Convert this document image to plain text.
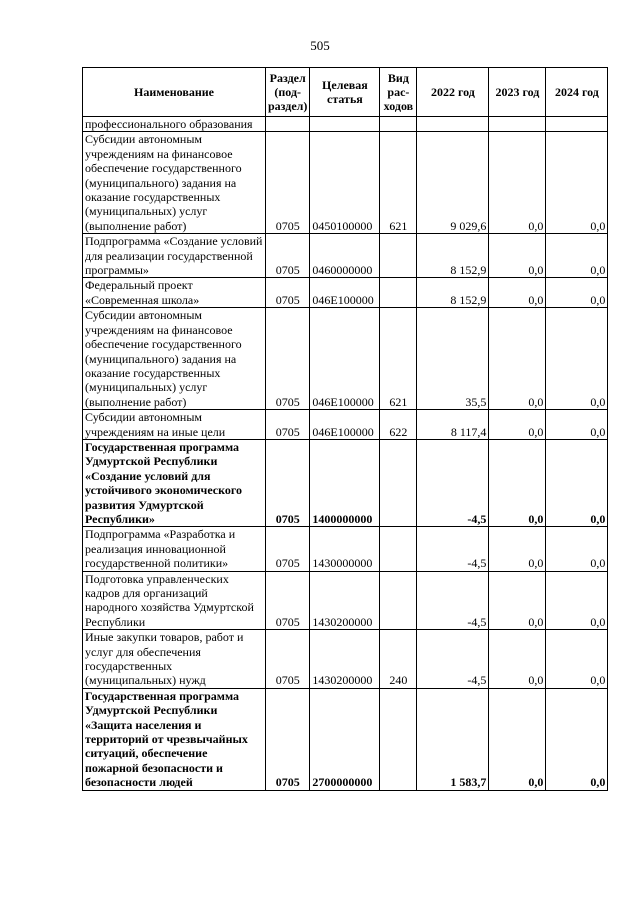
505
Наименование	Раздел (под-раздел)	Целевая статья	Вид рас-ходов	2022 год	2023 год	2024 год
профессионального образования						
Субсидии автономным учреждениям на финансовое обеспечение государственного (муниципального) задания на оказание государственных (муниципальных) услуг (выполнение работ)	0705	0450100000	621	9 029,6	0,0	0,0
Подпрограмма «Создание условий для реализации государственной программы»	0705	0460000000		8 152,9	0,0	0,0
Федеральный проект «Современная школа»	0705	046E100000		8 152,9	0,0	0,0
Субсидии автономным учреждениям на финансовое обеспечение государственного (муниципального) задания на оказание государственных (муниципальных) услуг (выполнение работ)	0705	046E100000	621	35,5	0,0	0,0
Субсидии автономным учреждениям на иные цели	0705	046E100000	622	8 117,4	0,0	0,0
Государственная программа Удмуртской Республики «Создание условий для устойчивого экономического развития Удмуртской Республики»	0705	1400000000		-4,5	0,0	0,0
Подпрограмма «Разработка и реализация инновационной государственной политики»	0705	1430000000		-4,5	0,0	0,0
Подготовка управленческих кадров для организаций народного хозяйства Удмуртской Республики	0705	1430200000		-4,5	0,0	0,0
Иные закупки товаров, работ и услуг для обеспечения государственных (муниципальных) нужд	0705	1430200000	240	-4,5	0,0	0,0
Государственная программа Удмуртской Республики «Защита населения и территорий от чрезвычайных ситуаций, обеспечение пожарной безопасности и безопасности людей	0705	2700000000		1 583,7	0,0	0,0
